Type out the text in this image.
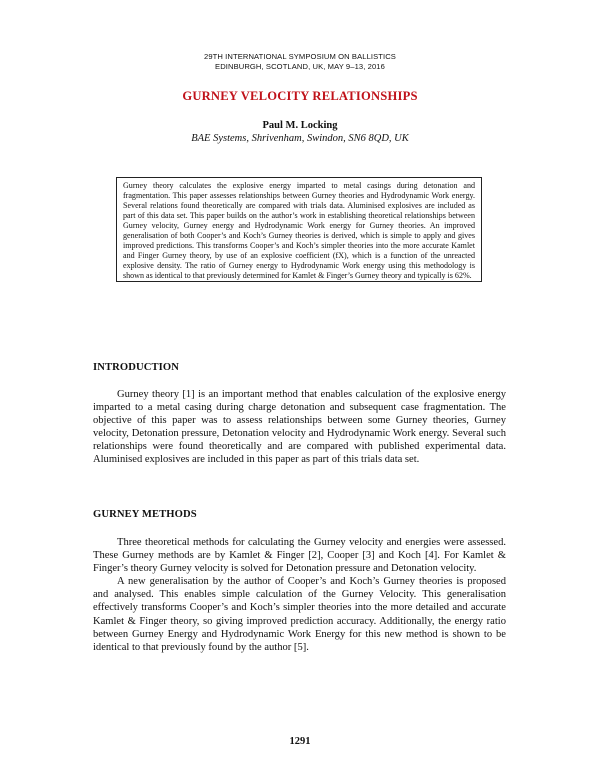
29TH INTERNATIONAL SYMPOSIUM ON BALLISTICS
EDINBURGH, SCOTLAND, UK, MAY 9–13, 2016
GURNEY VELOCITY RELATIONSHIPS
Paul M. Locking
BAE Systems, Shrivenham, Swindon, SN6 8QD, UK

Gurney theory calculates the explosive energy imparted to metal casings during detonation and fragmentation. This paper assesses relationships between Gurney theories and Hydrodynamic Work energy. Several relations found theoretically are compared with trials data. Aluminised explosives are included as part of this data set. This paper builds on the author’s work in establishing theoretical relationships between Gurney velocity, Gurney energy and Hydrodynamic Work energy for Gurney theories. An improved generalisation of both Cooper’s and Koch’s Gurney theories is derived, which is simple to apply and gives improved predictions. This transforms Cooper’s and Koch’s simpler theories into the more accurate Kamlet and Finger Gurney theory, by use of an explosive coefficient (fX), which is a function of the unreacted explosive density. The ratio of Gurney energy to Hydrodynamic Work energy using this methodology is shown as identical to that previously determined for Kamlet & Finger’s Gurney theory and typically is 62%.

INTRODUCTION

Gurney theory [1] is an important method that enables calculation of the explosive energy imparted to a metal casing during charge detonation and subsequent case fragmentation. The objective of this paper was to assess relationships between some Gurney theories, Gurney velocity, Detonation pressure, Detonation velocity and Hydrodynamic Work energy. Several such relationships were found theoretically and are compared with published experimental data. Aluminised explosives are included in this paper as part of this trials data set.

GURNEY METHODS

Three theoretical methods for calculating the Gurney velocity and energies were assessed. These Gurney methods are by Kamlet & Finger [2], Cooper [3] and Koch [4]. For Kamlet & Finger’s theory Gurney velocity is solved for Detonation pressure and Detonation velocity.

A new generalisation by the author of Cooper’s and Koch’s Gurney theories is proposed and analysed. This enables simple calculation of the Gurney Velocity. This generalisation effectively transforms Cooper’s and Koch’s simpler theories into the more detailed and accurate Kamlet & Finger theory, so giving improved prediction accuracy. Additionally, the energy ratio between Gurney Energy and Hydrodynamic Work Energy for this new method is shown to be identical to that previously found by the author [5].

1291
